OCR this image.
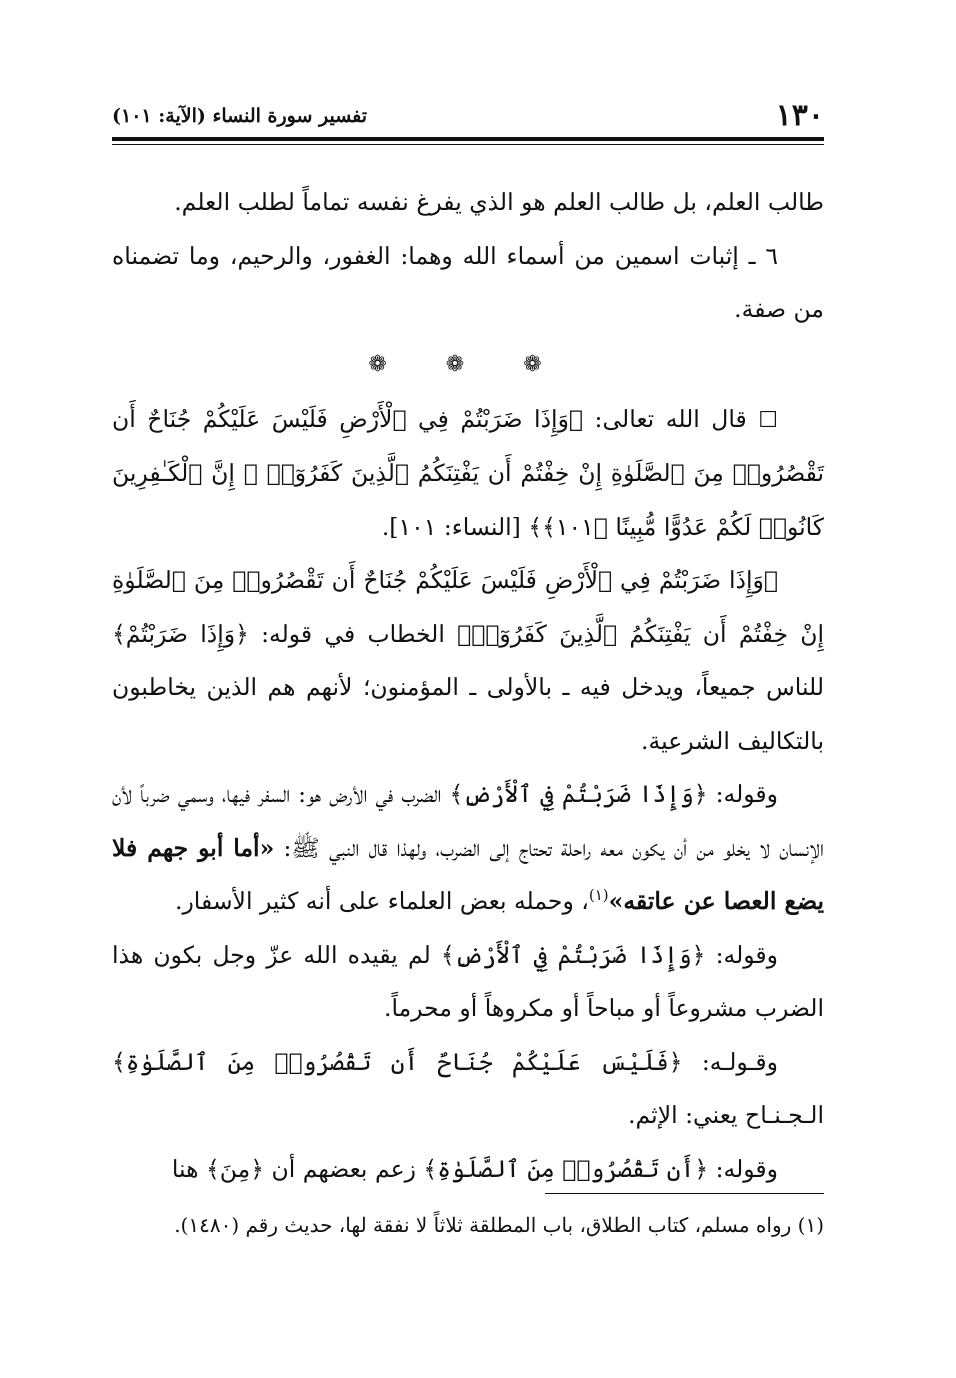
١٣٠
تفسير سورة النساء (الآية: ١٠١)

طالب العلم، بل طالب العلم هو الذي يفرغ نفسه تماماً لطلب العلم.

٦ ـ إثبات اسمين من أسماء الله وهما: الغفور، والرحيم، وما تضمناه من صفة.

❁ ❁ ❁

☐ قال الله تعالى: ﴿وَإِذَا ضَرَبْتُمْ فِي ٱلْأَرْضِ فَلَيْسَ عَلَيْكُمْ جُنَاحٌ أَن تَقْصُرُوا۟ مِنَ ٱلصَّلَوٰةِ إِنْ خِفْتُمْ أَن يَفْتِنَكُمُ ٱلَّذِينَ كَفَرُوٓا۟ ۚ إِنَّ ٱلْكَـٰفِرِينَ كَانُوا۟ لَكُمْ عَدُوًّا مُّبِينًا ﴿١٠١﴾﴾ [النساء: ١٠١].

﴿وَإِذَا ضَرَبْتُمْ فِي ٱلْأَرْضِ فَلَيْسَ عَلَيْكُمْ جُنَاحٌ أَن تَقْصُرُوا۟ مِنَ ٱلصَّلَوٰةِ إِنْ خِفْتُمْ أَن يَفْتِنَكُمُ ٱلَّذِينَ كَفَرُوٓا۟﴾ الخطاب في قوله: ﴿وَإِذَا ضَرَبْتُمْ﴾ للناس جميعاً، ويدخل فيه ـ بالأولى ـ المؤمنون؛ لأنهم هم الذين يخاطبون بالتكاليف الشرعية.

وقوله: ﴿وَإِذَا ضَرَبْتُمْ فِي ٱلْأَرْضِ﴾ الضرب في الأرض هو: السفر فيها، وسمي ضرباً لأن الإنسان لا يخلو من أن يكون معه راحلة تحتاج إلى الضرب، ولهذا قال النبي ﷺ: «أما أبو جهم فلا يضع العصا عن عاتقه»$^{(١)}$، وحمله بعض العلماء على أنه كثير الأسفار.

وقوله: ﴿وَإِذَا ضَرَبْتُمْ فِي ٱلْأَرْضِ﴾ لم يقيده الله عزّ وجل بكون هذا الضرب مشروعاً أو مباحاً أو مكروهاً أو محرماً.

وقـولـه: ﴿فَلَيْسَ عَلَيْكُمْ جُنَاحٌ أَن تَقْصُرُوا۟ مِنَ ٱلصَّلَوٰةِ﴾ الـجـنـاح يعني: الإثم.

وقوله: ﴿أَن تَقْصُرُوا۟ مِنَ ٱلصَّلَوٰةِ﴾ زعم بعضهم أن ﴿مِنَ﴾ هنا

(١) رواه مسلم، كتاب الطلاق، باب المطلقة ثلاثاً لا نفقة لها، حديث رقم (١٤٨٠).
